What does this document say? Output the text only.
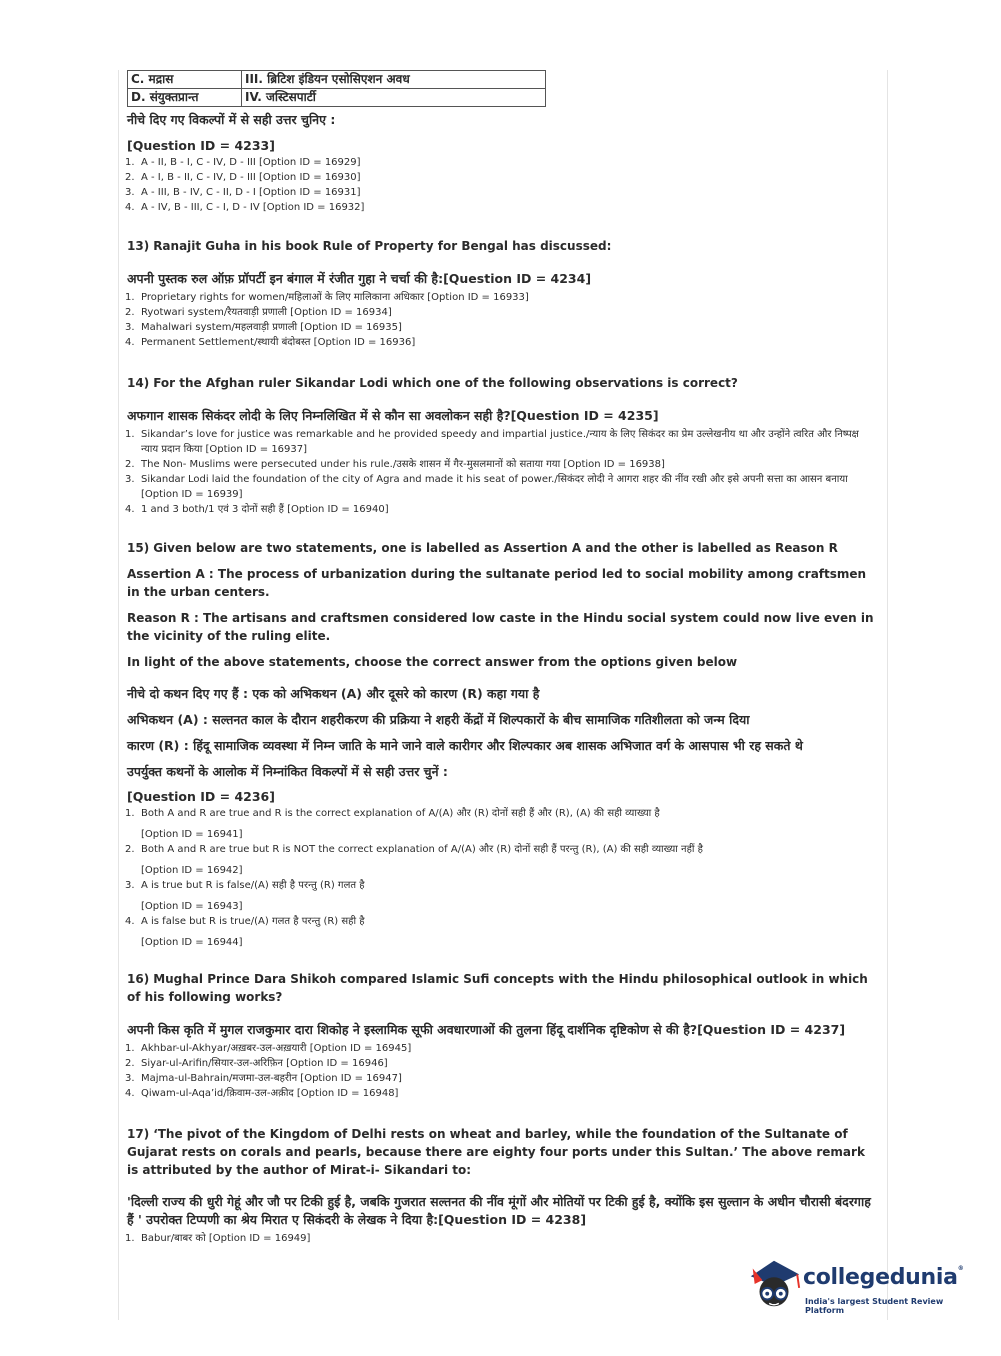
C. मद्रास	III. ब्रिटिश इंडियन एसोसिएशन अवध
D. संयुक्तप्रान्त	IV. जस्टिसपार्टी
नीचे दिए गए विकल्पों में से सही उत्तर चुनिए :
[Question ID = 4233]
1. A - II, B - I, C - IV, D - III [Option ID = 16929]
2. A - I, B - II, C - IV, D - III [Option ID = 16930]
3. A - III, B - IV, C - II, D - I [Option ID = 16931]
4. A - IV, B - III, C - I, D - IV [Option ID = 16932]
13) Ranajit Guha in his book Rule of Property for Bengal has discussed:
अपनी पुस्तक रुल ऑफ़ प्रॉपर्टी इन बंगाल में रंजीत गुहा ने चर्चा की है:[Question ID = 4234]
1. Proprietary rights for women/महिलाओं के लिए मालिकाना अधिकार [Option ID = 16933]
2. Ryotwari system/रैयतवाड़ी प्रणाली [Option ID = 16934]
3. Mahalwari system/महलवाड़ी प्रणाली [Option ID = 16935]
4. Permanent Settlement/स्थायी बंदोबस्त [Option ID = 16936]
14) For the Afghan ruler Sikandar Lodi which one of the following observations is correct?
अफगान शासक सिकंदर लोदी के लिए निम्नलिखित में से कौन सा अवलोकन सही है?[Question ID = 4235]
1. Sikandar’s love for justice was remarkable and he provided speedy and impartial justice./न्याय के लिए सिकंदर का प्रेम उल्लेखनीय था और उन्होंने त्वरित और निष्पक्ष न्याय प्रदान किया [Option ID = 16937]
2. The Non- Muslims were persecuted under his rule./उसके शासन में गैर-मुसलमानों को सताया गया [Option ID = 16938]
3. Sikandar Lodi laid the foundation of the city of Agra and made it his seat of power./सिकंदर लोदी ने आगरा शहर की नींव रखी और इसे अपनी सत्ता का आसन बनाया [Option ID = 16939]
4. 1 and 3 both/1 एवं 3 दोनों सही हैं [Option ID = 16940]
15) Given below are two statements, one is labelled as Assertion A and the other is labelled as Reason R
Assertion A : The process of urbanization during the sultanate period led to social mobility among craftsmen in the urban centers.
Reason R : The artisans and craftsmen considered low caste in the Hindu social system could now live even in the vicinity of the ruling elite.
In light of the above statements, choose the correct answer from the options given below
नीचे दो कथन दिए गए हैं : एक को अभिकथन (A) और दूसरे को कारण (R) कहा गया है
अभिकथन (A) : सल्तनत काल के दौरान शहरीकरण की प्रक्रिया ने शहरी केंद्रों में शिल्पकारों के बीच सामाजिक गतिशीलता को जन्म दिया
कारण (R) : हिंदू सामाजिक व्यवस्था में निम्न जाति के माने जाने वाले कारीगर और शिल्पकार अब शासक अभिजात वर्ग के आसपास भी रह सकते थे
उपर्युक्त कथनों के आलोक में निम्नांकित विकल्पों में से सही उत्तर चुनें :
[Question ID = 4236]
1. Both A and R are true and R is the correct explanation of A/(A) और (R) दोनों सही हैं और (R), (A) की सही व्याख्या है
[Option ID = 16941]
2. Both A and R are true but R is NOT the correct explanation of A/(A) और (R) दोनों सही हैं परन्तु (R), (A) की सही व्याख्या नहीं है
[Option ID = 16942]
3. A is true but R is false/(A) सही है परन्तु (R) गलत है
[Option ID = 16943]
4. A is false but R is true/(A) गलत है परन्तु (R) सही है
[Option ID = 16944]
16) Mughal Prince Dara Shikoh compared Islamic Sufi concepts with the Hindu philosophical outlook in which of his following works?
अपनी किस कृति में मुगल राजकुमार दारा शिकोह ने इस्लामिक सूफी अवधारणाओं की तुलना हिंदू दार्शनिक दृष्टिकोण से की है?[Question ID = 4237]
1. Akhbar-ul-Akhyar/अख़बर-उल-अख़यारी [Option ID = 16945]
2. Siyar-ul-Arifin/सियार-उल-अरिफ़िन [Option ID = 16946]
3. Majma-ul-Bahrain/मजमा-उल-बहरीन [Option ID = 16947]
4. Qiwam-ul-Aqa’id/क़िवाम-उल-अक़ीद [Option ID = 16948]
17) ‘The pivot of the Kingdom of Delhi rests on wheat and barley, while the foundation of the Sultanate of Gujarat rests on corals and pearls, because there are eighty four ports under this Sultan.’ The above remark is attributed by the author of Mirat-i- Sikandari to:
'दिल्ली राज्य की धुरी गेहूं और जौ पर टिकी हुई है, जबकि गुजरात सल्तनत की नींव मूंगों और मोतियों पर टिकी हुई है, क्योंकि इस सुल्तान के अधीन चौरासी बंदरगाह हैं ' उपरोक्त टिप्पणी का श्रेय मिरात ए सिकंदरी के लेखक ने दिया है:[Question ID = 4238]
1. Babur/बाबर को [Option ID = 16949]
collegedunia®
India's largest Student Review Platform
